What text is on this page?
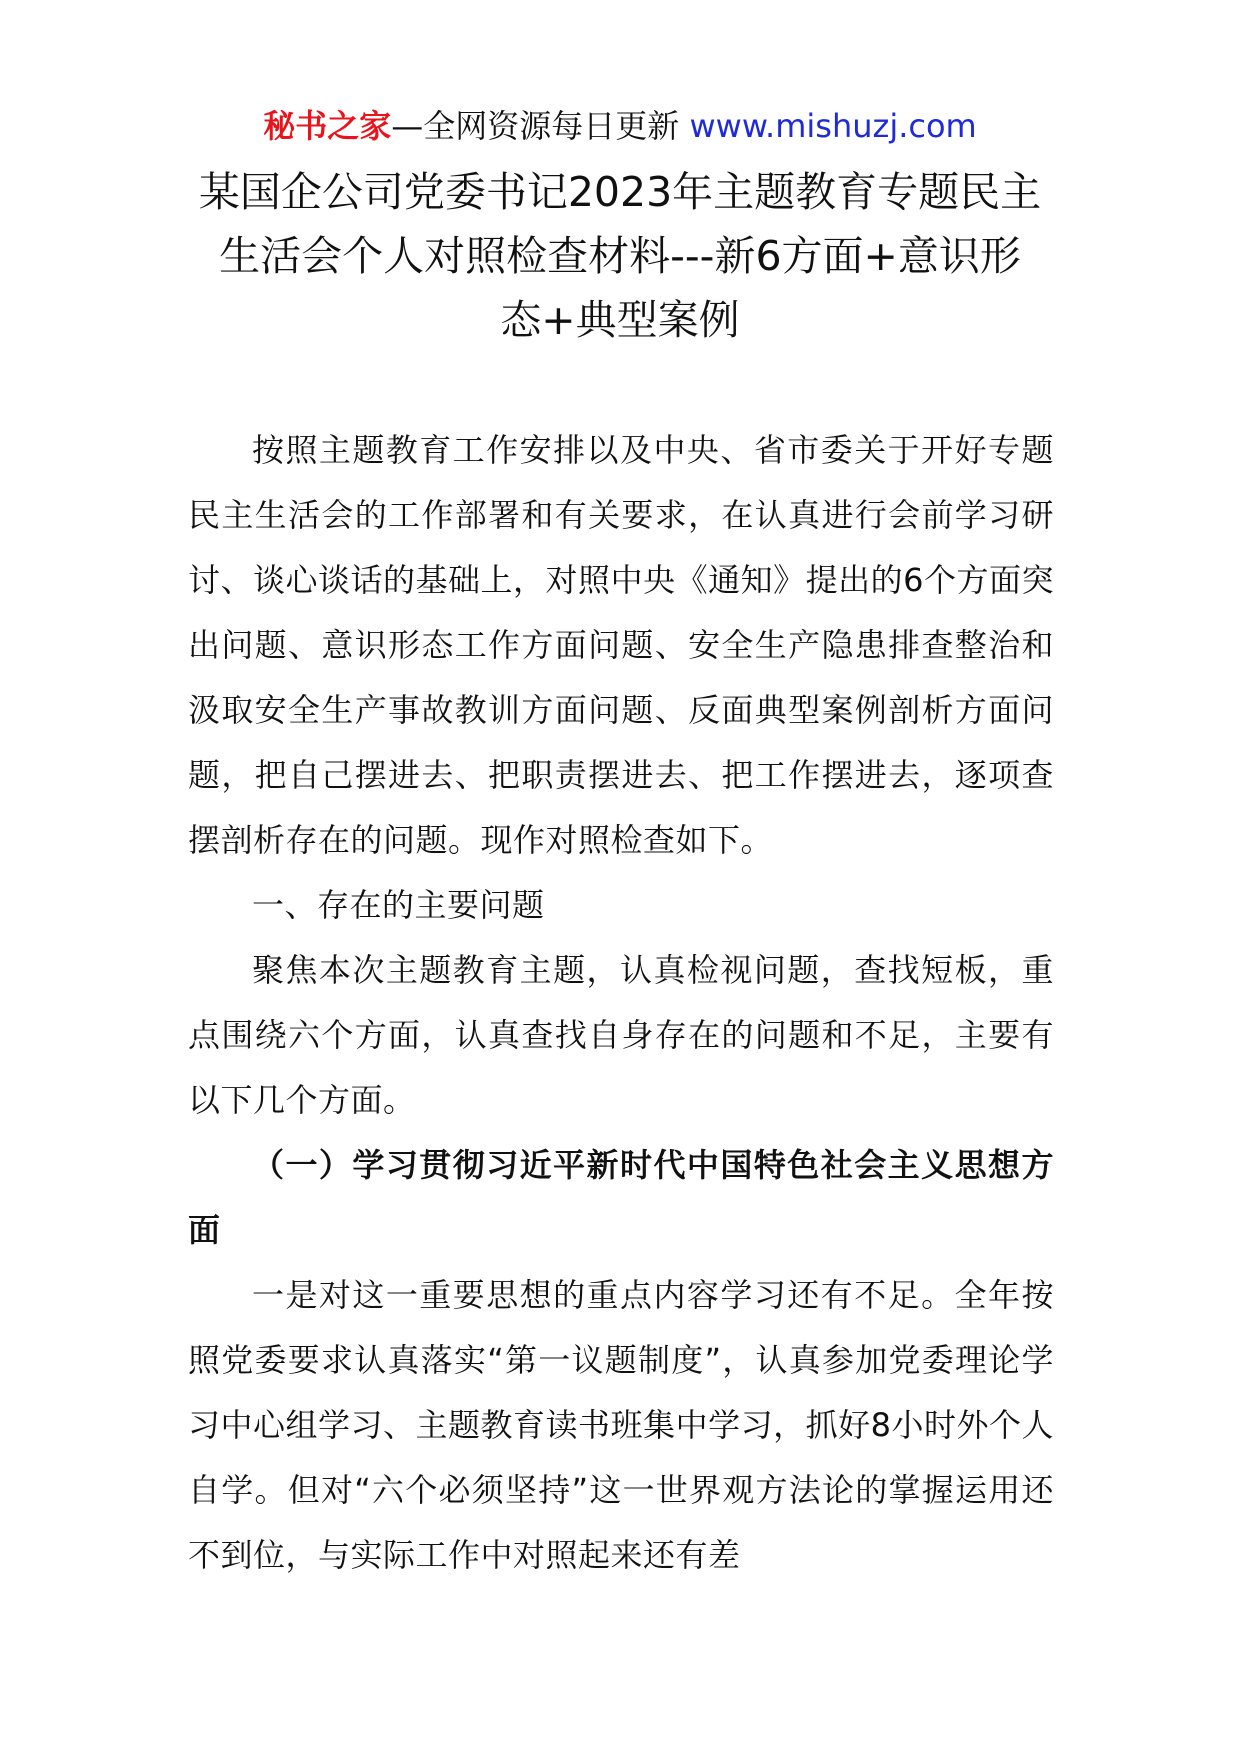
秘书之家—全网资源每日更新 www.mishuzj.com
某国企公司党委书记2023年主题教育专题民主
生活会个人对照检查材料---新6方面+意识形
态+典型案例

按照主题教育工作安排以及中央、省市委关于开好专题民主生活会的工作部署和有关要求，在认真进行会前学习研讨、谈心谈话的基础上，对照中央《通知》提出的6个方面突出问题、意识形态工作方面问题、安全生产隐患排查整治和汲取安全生产事故教训方面问题、反面典型案例剖析方面问题，把自己摆进去、把职责摆进去、把工作摆进去，逐项查摆剖析存在的问题。现作对照检查如下。

一、存在的主要问题

聚焦本次主题教育主题，认真检视问题，查找短板，重点围绕六个方面，认真查找自身存在的问题和不足，主要有以下几个方面。

（一）学习贯彻习近平新时代中国特色社会主义思想方面

一是对这一重要思想的重点内容学习还有不足。全年按照党委要求认真落实“第一议题制度”，认真参加党委理论学习中心组学习、主题教育读书班集中学习，抓好8小时外个人自学。但对“六个必须坚持”这一世界观方法论的掌握运用还不到位，与实际工作中对照起来还有差
